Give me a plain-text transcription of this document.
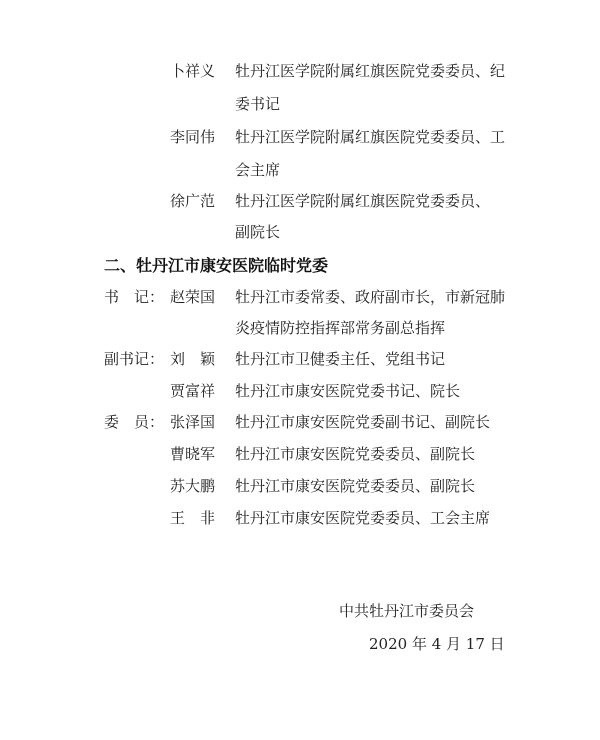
卜祥义	牡丹江医学院附属红旗医院党委委员、纪
委书记
李同伟	牡丹江医学院附属红旗医院党委委员、工
会主席
徐广范	牡丹江医学院附属红旗医院党委委员、
副院长
二、牡丹江市康安医院临时党委
书　记： 赵荣国	牡丹江市委常委、政府副市长，市新冠肺
炎疫情防控指挥部常务副总指挥
副书记： 刘　颖	牡丹江市卫健委主任、党组书记
贾富祥	牡丹江市康安医院党委书记、院长
委　员： 张泽国	牡丹江市康安医院党委副书记、副院长
曹晓军	牡丹江市康安医院党委委员、副院长
苏大鹏	牡丹江市康安医院党委委员、副院长
王　非	牡丹江市康安医院党委委员、工会主席
中共牡丹江市委员会
2020 年 4 月 17 日
